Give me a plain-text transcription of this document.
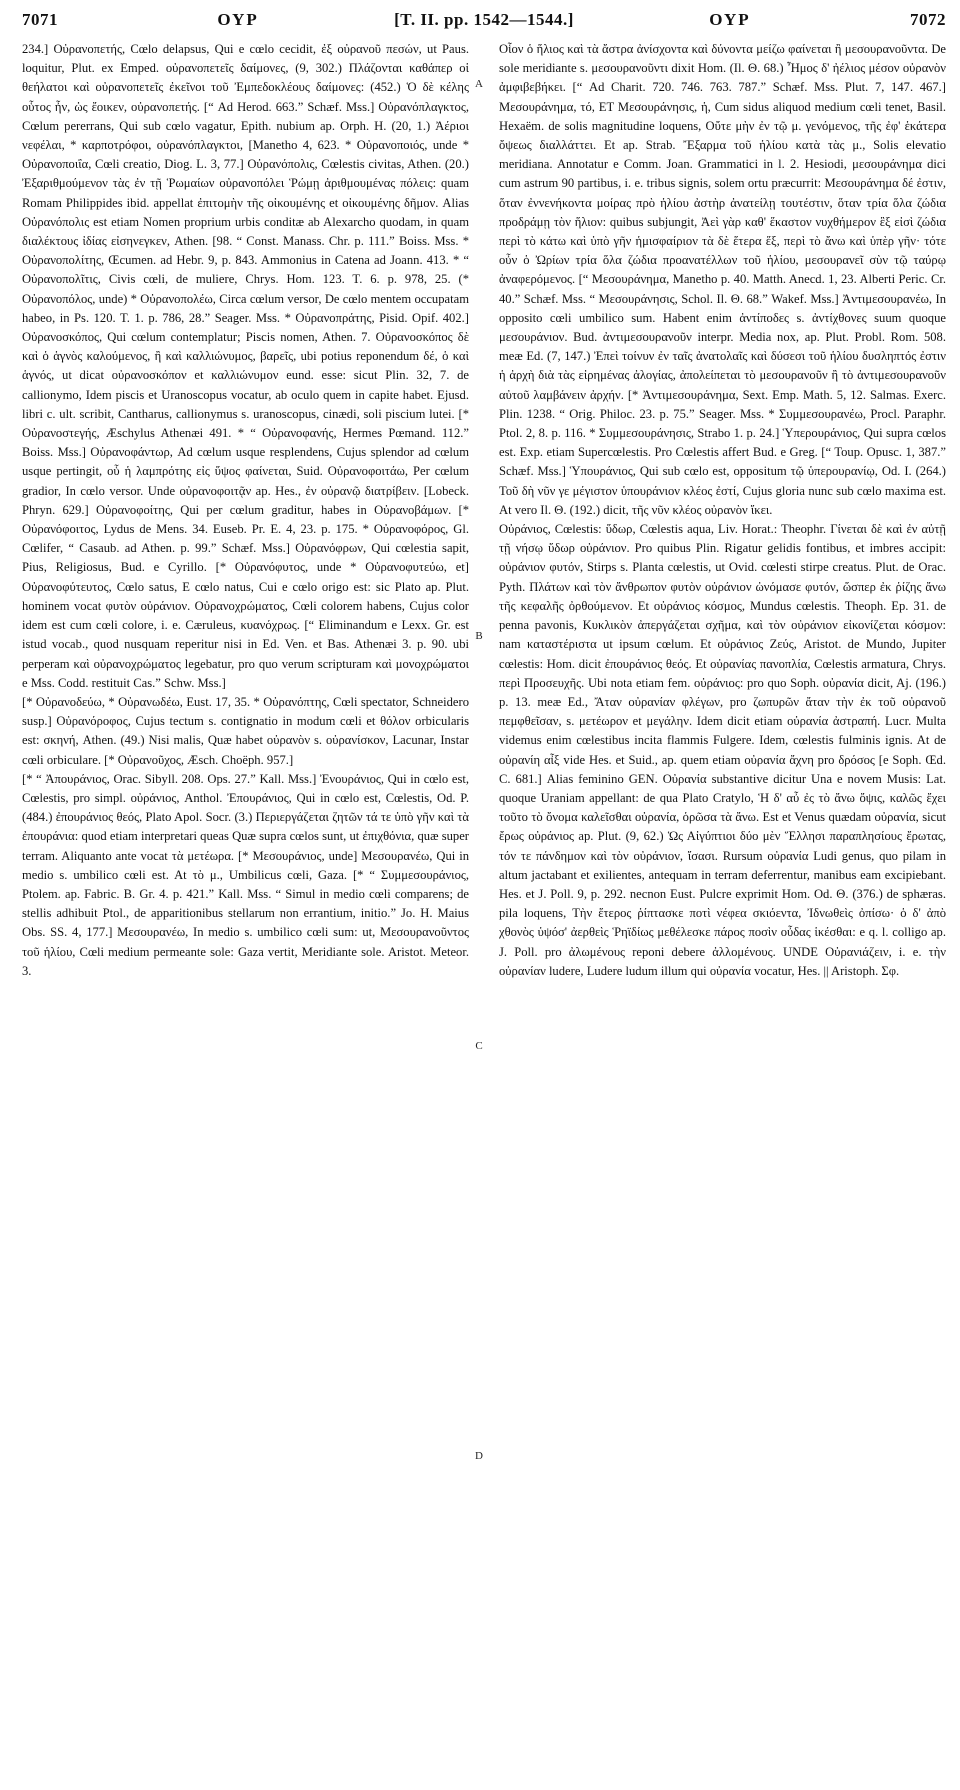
7071	ΟΥΡ	[T. II. pp. 1542—1544.]	ΟΥΡ	7072

234.] Οὐρανοπετής, Cœlo delapsus, Qui e cœlo cecidit, ἐξ οὐρανοῦ πεσών, ut Paus. loquitur, Plut. ex Emped. οὐρανοπετεῖς δαίμονες, (9, 302.) Πλάζονται καθάπερ οἱ θεήλατοι καὶ οὐρανοπετεῖς ἐκεῖνοι τοῦ Ἐμπεδοκλέους δαίμονες: (452.) Ὁ δὲ κέλης οὗτος ἦν, ὡς ἔοικεν, οὐρανοπετής. [“ Ad Herod. 663.” Schæf. Mss.] Οὐρανόπλαγκτος, Cœlum pererrans, Qui sub cœlo vagatur, Epith. nubium ap. Orph. H. (20, 1.) Ἀέριοι νεφέλαι, * καρποτρόφοι, οὐρανόπλαγκτοι, [Manetho 4, 623. * Οὐρανοποιός, unde * Οὐρανοποιΐα, Cœli creatio, Diog. L. 3, 77.] Οὐρανόπολις, Cœlestis civitas, Athen. (20.) Ἐξαριθμούμενον τὰς ἐν τῇ Ῥωμαίων οὐρανοπόλει Ῥώμῃ ἀριθμουμένας πόλεις: quam Romam Philippides ibid. appellat ἐπιτομὴν τῆς οἰκουμένης et οἰκουμένης δῆμον. Alias Οὐρανόπολις est etiam Nomen proprium urbis conditæ ab Alexarcho quodam, in quam διαλέκτους ἰδίας εἰσηνεγκεν, Athen. [98. “ Const. Manass. Chr. p. 111.” Boiss. Mss. * Οὐρανοπολίτης, Œcumen. ad Hebr. 9, p. 843. Ammonius in Catena ad Joann. 413. * “ Οὐρανοπολῖτις, Civis cœli, de muliere, Chrys. Hom. 123. T. 6. p. 978, 25. (* Οὐρανοπόλος, unde) * Οὐρανοπολέω, Circa cœlum versor, De cœlo mentem occupatam habeo, in Ps. 120. T. 1. p. 786, 28.” Seager. Mss. * Οὐρανοπράτης, Pisid. Opif. 402.] Οὐρανοσκόπος, Qui cœlum contemplatur; Piscis nomen, Athen. 7. Οὐρανοσκόπος δὲ καὶ ὁ ἁγνὸς καλούμενος, ἢ καὶ καλλιώνυμος, βαρεῖς, ubi potius reponendum δέ, ὁ καὶ ἁγνός, ut dicat οὐρανοσκόπον et καλλιώνυμον eund. esse: sicut Plin. 32, 7. de callionymo, Idem piscis et Uranoscopus vocatur, ab oculo quem in capite habet. Ejusd. libri c. ult. scribit, Cantharus, callionymus s. uranoscopus, cinædi, soli piscium lutei. [* Οὐρανοστεγής, Æschylus Athenæi 491. * “ Οὐρανοφανής, Hermes Pœmand. 112.” Boiss. Mss.] Οὐρανοφάντωρ, Ad cœlum usque resplendens, Cujus splendor ad cœlum usque pertingit, οὗ ἡ λαμπρότης εἰς ὕψος φαίνεται, Suid. Οὐρανοφοιτάω, Per cœlum gradior, In cœlo versor. Unde οὐρανοφοιτᾷν ap. Hes., ἐν οὐρανῷ διατρίβειν. [Lobeck. Phryn. 629.] Οὐρανοφοίτης, Qui per cœlum graditur, habes in Οὐρανοβάμων. [* Οὐρανόφοιτος, Lydus de Mens. 34. Euseb. Pr. E. 4, 23. p. 175. * Οὐρανοφόρος, Gl. Cœlifer, “ Casaub. ad Athen. p. 99.” Schæf. Mss.] Οὐρανόφρων, Qui cœlestia sapit, Pius, Religiosus, Bud. e Cyrillo. [* Οὐρανόφυτος, unde * Οὐρανοφυτεύω, et] Οὐρανοφύτευτος, Cœlo satus, E cœlo natus, Cui e cœlo origo est: sic Plato ap. Plut. hominem vocat φυτὸν οὐράνιον. Οὐρανοχρώματος, Cœli colorem habens, Cujus color idem est cum cœli colore, i. e. Cæruleus, κυανόχρως. [“ Eliminandum e Lexx. Gr. est istud vocab., quod nusquam reperitur nisi in Ed. Ven. et Bas. Athenæi 3. p. 90. ubi perperam καὶ οὐρανοχρώματος legebatur, pro quo verum scripturam καὶ μονοχρώματοι e Mss. Codd. restituit Cas.” Schw. Mss.]

[* Οὐρανοδεύω, * Οὐρανωδέω, Eust. 17, 35. * Οὐρανόπτης, Cœli spectator, Schneidero susp.] Οὐρανόροφος, Cujus tectum s. contignatio in modum cœli et θόλον orbicularis est: σκηνή, Athen. (49.) Nisi malis, Quæ habet οὐρανὸν s. οὐρανίσκον, Lacunar, Instar cœli orbiculare. [* Οὐρανοῦχος, Æsch. Choëph. 957.]

[* “ Ἀπουράνιος, Orac. Sibyll. 208. Ops. 27.” Kall. Mss.] Ἐνουράνιος, Qui in cœlo est, Cœlestis, pro simpl. οὐράνιος, Anthol. Ἐπουράνιος, Qui in cœlo est, Cœlestis, Od. P. (484.) ἐπουράνιος θεός, Plato Apol. Socr. (3.) Περιεργάζεται ζητῶν τά τε ὑπὸ γῆν καὶ τὰ ἐπουράνια: quod etiam interpretari queas Quæ supra cœlos sunt, ut ἐπιχθόνια, quæ super terram. Aliquanto ante vocat τὰ μετέωρα. [* Μεσουράνιος, unde] Μεσουρανέω, Qui in medio s. umbilico cœli est. At τὸ μ., Umbilicus cœli, Gaza. [* “ Συμμεσουράνιος, Ptolem. ap. Fabric. B. Gr. 4. p. 421.” Kall. Mss. “ Simul in medio cœli comparens; de stellis adhibuit Ptol., de apparitionibus stellarum non errantium, initio.” Jo. H. Maius Obs. SS. 4, 177.] Μεσουρανέω, In medio s. umbilico cœli sum: ut, Μεσουρανοῦντος τοῦ ἡλίου, Cœli medium permeante sole: Gaza vertit, Meridiante sole. Aristot. Meteor. 3.

A
B
C
D

Οἷον ὁ ἥλιος καὶ τὰ ἄστρα ἀνίσχοντα καὶ δύνοντα μείζω φαίνεται ἢ μεσουρανοῦντα. De sole meridiante s. μεσουρανοῦντι dixit Hom. (Il. Θ. 68.) Ἦμος δ' ἠέλιος μέσον οὐρανὸν ἀμφιβεβήκει. [“ Ad Charit. 720. 746. 763. 787.” Schæf. Mss. Plut. 7, 147. 467.] Μεσουράνημα, τό, ET Μεσουράνησις, ἡ, Cum sidus aliquod medium cœli tenet, Basil. Hexaëm. de solis magnitudine loquens, Οὔτε μὴν ἐν τῷ μ. γενόμενος, τῆς ἐφ' ἑκάτερα ὄψεως διαλλάττει. Et ap. Strab. Ἔξαρμα τοῦ ἡλίου κατὰ τὰς μ., Solis elevatio meridiana. Annotatur e Comm. Joan. Grammatici in l. 2. Hesiodi, μεσουράνημα dici cum astrum 90 partibus, i. e. tribus signis, solem ortu præcurrit: Μεσουράνημα δέ ἐστιν, ὅταν ἐννενήκοντα μοίρας πρὸ ἡλίου ἀστὴρ ἀνατείλῃ τουτέστιν, ὅταν τρία ὅλα ζώδια προδράμῃ τὸν ἥλιον: quibus subjungit, Ἀεὶ γὰρ καθ' ἕκαστον νυχθήμερον ἓξ εἰσὶ ζώδια περὶ τὸ κάτω καὶ ὑπὸ γῆν ἡμισφαίριον τὰ δὲ ἕτερα ἕξ, περὶ τὸ ἄνω καὶ ὑπὲρ γῆν· τότε οὖν ὁ Ὠρίων τρία ὅλα ζώδια προανατέλλων τοῦ ἡλίου, μεσουρανεῖ σὺν τῷ ταύρῳ ἀναφερόμενος. [“ Μεσουράνημα, Manetho p. 40. Matth. Anecd. 1, 23. Alberti Peric. Cr. 40.” Schæf. Mss. “ Μεσουράνησις, Schol. Il. Θ. 68.” Wakef. Mss.] Ἀντιμεσουρανέω, In opposito cœli umbilico sum. Habent enim ἀντίποδες s. ἀντίχθονες suum quoque μεσουράνιον. Bud. ἀντιμεσουρανοῦν interpr. Media nox, ap. Plut. Probl. Rom. 508. meæ Ed. (7, 147.) Ἐπεὶ τοίνυν ἐν ταῖς ἀνατολαῖς καὶ δύσεσι τοῦ ἡλίου δυσληπτός ἐστιν ἡ ἀρχὴ διὰ τὰς εἰρημένας ἀλογίας, ἀπολείπεται τὸ μεσουρανοῦν ἢ τὸ ἀντιμεσουρανοῦν αὐτοῦ λαμβάνειν ἀρχήν. [* Ἀντιμεσουράνημα, Sext. Emp. Math. 5, 12. Salmas. Exerc. Plin. 1238. “ Orig. Philoc. 23. p. 75.” Seager. Mss. * Συμμεσουρανέω, Procl. Paraphr. Ptol. 2, 8. p. 116. * Συμμεσουράνησις, Strabo 1. p. 24.] Ὑπερουράνιος, Qui supra cœlos est. Exp. etiam Supercœlestis. Pro Cœlestis affert Bud. e Greg. [“ Toup. Opusc. 1, 387.” Schæf. Mss.] Ὑπουράνιος, Qui sub cœlo est, oppositum τῷ ὑπερουρανίῳ, Od. I. (264.) Τοῦ δὴ νῦν γε μέγιστον ὑπουράνιον κλέος ἐστί, Cujus gloria nunc sub cœlo maxima est. At vero Il. Θ. (192.) dicit, τῆς νῦν κλέος οὐρανὸν ἵκει.

Οὐράνιος, Cœlestis: ὕδωρ, Cœlestis aqua, Liv. Horat.: Theophr. Γίνεται δὲ καὶ ἐν αὐτῇ τῇ νήσῳ ὕδωρ οὐράνιον. Pro quibus Plin. Rigatur gelidis fontibus, et imbres accipit: οὐράνιον φυτόν, Stirps s. Planta cœlestis, ut Ovid. cœlesti stirpe creatus. Plut. de Orac. Pyth. Πλάτων καὶ τὸν ἄνθρωπον φυτὸν οὐράνιον ὠνόμασε φυτόν, ὥσπερ ἐκ ῥίζης ἄνω τῆς κεφαλῆς ὀρθούμενον. Et οὐράνιος κόσμος, Mundus cœlestis. Theoph. Ep. 31. de penna pavonis, Κυκλικὸν ἀπεργάζεται σχῆμα, καὶ τὸν οὐράνιον εἰκονίζεται κόσμον: nam καταστέριστα ut ipsum cœlum. Et οὐράνιος Ζεύς, Aristot. de Mundo, Jupiter cœlestis: Hom. dicit ἐπουράνιος θεός. Et οὐρανίας πανοπλία, Cœlestis armatura, Chrys. περὶ Προσευχῆς. Ubi nota etiam fem. οὐράνιος: pro quo Soph. οὐρανία dicit, Aj. (196.) p. 13. meæ Ed., Ἄταν οὐρανίαν φλέγων, pro ζωπυρῶν ἄταν τὴν ἐκ τοῦ οὐρανοῦ πεμφθεῖσαν, s. μετέωρον et μεγάλην. Idem dicit etiam οὐρανία ἀστραπή. Lucr. Multa videmus enim cœlestibus incita flammis Fulgere. Idem, cœlestis fulminis ignis. At de οὐρανίη αἶξ vide Hes. et Suid., ap. quem etiam οὐρανία ἄχνη pro δρόσος [e Soph. Œd. C. 681.] Alias feminino GEN. Οὐρανία substantive dicitur Una e novem Musis: Lat. quoque Uraniam appellant: de qua Plato Cratylo, Ἡ δ' αὖ ἐς τὸ ἄνω ὄψις, καλῶς ἔχει τοῦτο τὸ ὄνομα καλεῖσθαι οὐρανία, ὁρῶσα τὰ ἄνω. Est et Venus quædam οὐρανία, sicut ἔρως οὐράνιος ap. Plut. (9, 62.) Ὡς Αἰγύπτιοι δύο μὲν Ἕλλησι παραπλησίους ἔρωτας, τόν τε πάνδημον καὶ τὸν οὐράνιον, ἴσασι. Rursum οὐρανία Ludi genus, quo pilam in altum jactabant et exilientes, antequam in terram deferrentur, manibus eam excipiebant. Hes. et J. Poll. 9, p. 292. necnon Eust. Pulcre exprimit Hom. Od. Θ. (376.) de sphæras. pila loquens, Τὴν ἕτερος ῥίπτασκε ποτὶ νέφεα σκιόεντα, Ἰδνωθεὶς ὀπίσω· ὁ δ' ἀπὸ χθονὸς ὑψόσ' ἀερθεὶς Ῥηϊδίως μεθέλεσκε πάρος ποσὶν οὖδας ἱκέσθαι: e q. l. colligo ap. J. Poll. pro ἀλωμένους reponi debere ἀλλομένους. UNDE Οὐρανιάζειν, i. e. τὴν οὐρανίαν ludere, Ludere ludum illum qui οὐρανία vocatur, Hes. || Aristoph. Σφ.
